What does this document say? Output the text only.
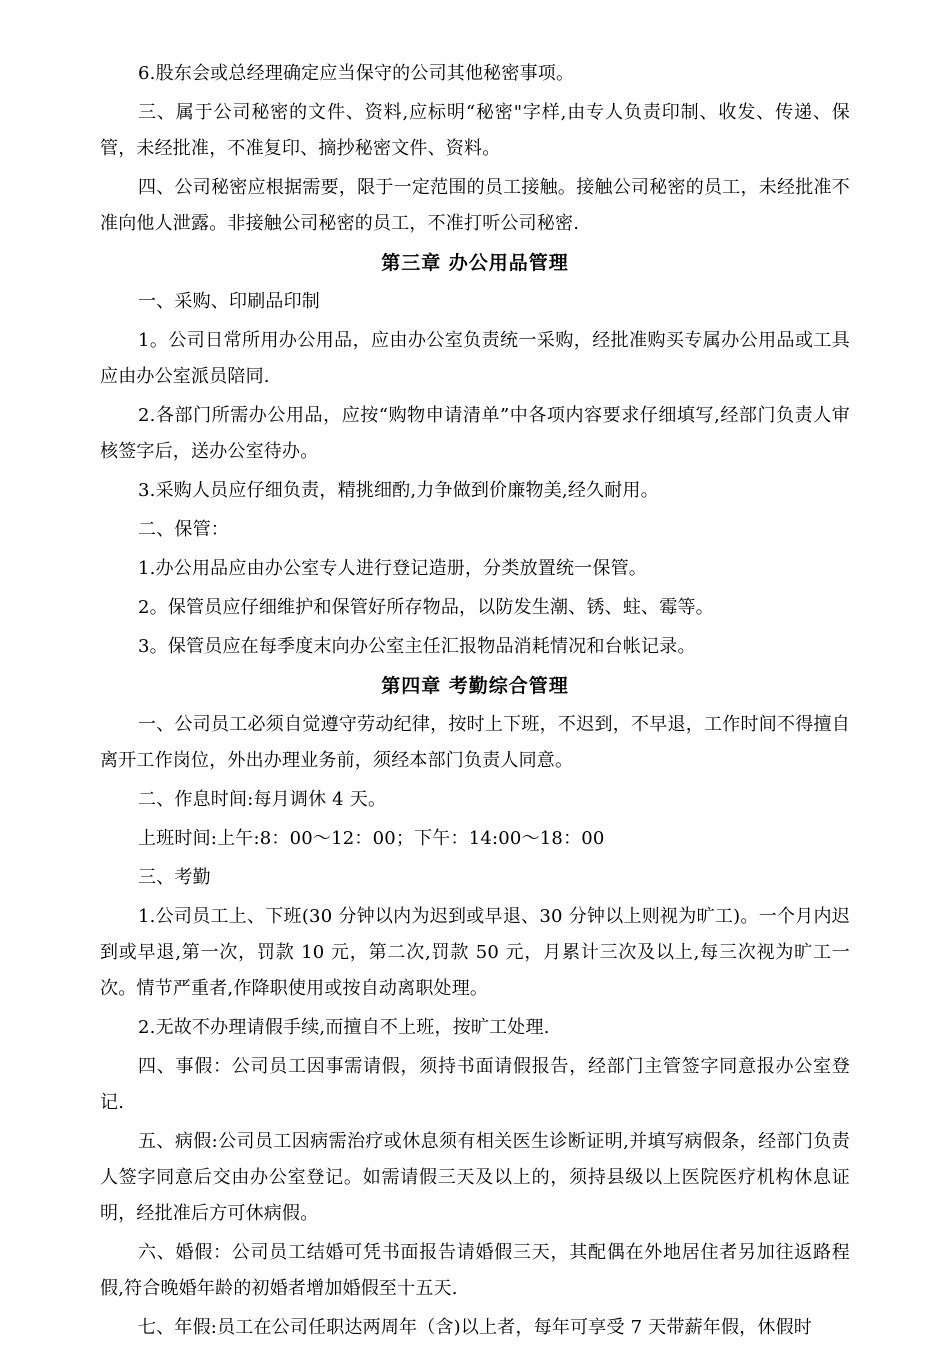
6.股东会或总经理确定应当保守的公司其他秘密事项。

三、属于公司秘密的文件、资料,应标明“秘密"字样,由专人负责印制、收发、传递、保管，未经批准，不准复印、摘抄秘密文件、资料。

四、公司秘密应根据需要，限于一定范围的员工接触。接触公司秘密的员工，未经批准不准向他人泄露。非接触公司秘密的员工，不准打听公司秘密.

第三章 办公用品管理

一、采购、印刷品印制

1。公司日常所用办公用品，应由办公室负责统一采购，经批准购买专属办公用品或工具应由办公室派员陪同.

2.各部门所需办公用品，应按“购物申请清单”中各项内容要求仔细填写,经部门负责人审核签字后，送办公室待办。

3.采购人员应仔细负责，精挑细酌,力争做到价廉物美,经久耐用。

二、保管：

1.办公用品应由办公室专人进行登记造册，分类放置统一保管。

2。保管员应仔细维护和保管好所存物品，以防发生潮、锈、蛀、霉等。

3。保管员应在每季度末向办公室主任汇报物品消耗情况和台帐记录。

第四章 考勤综合管理

一、公司员工必须自觉遵守劳动纪律，按时上下班，不迟到，不早退，工作时间不得擅自离开工作岗位，外出办理业务前，须经本部门负责人同意。

二、作息时间:每月调休 4 天。

上班时间:上午:8：00～12：00；下午：14:00～18：00

三、考勤

1.公司员工上、下班(30 分钟以内为迟到或早退、30 分钟以上则视为旷工)。一个月内迟到或早退,第一次，罚款 10 元，第二次,罚款 50 元，月累计三次及以上,每三次视为旷工一次。情节严重者,作降职使用或按自动离职处理。

2.无故不办理请假手续,而擅自不上班，按旷工处理.

四、事假：公司员工因事需请假，须持书面请假报告，经部门主管签字同意报办公室登记.

五、病假:公司员工因病需治疗或休息须有相关医生诊断证明,并填写病假条，经部门负责人签字同意后交由办公室登记。如需请假三天及以上的，须持县级以上医院医疗机构休息证明，经批准后方可休病假。

六、婚假：公司员工结婚可凭书面报告请婚假三天，其配偶在外地居住者另加往返路程假,符合晚婚年龄的初婚者增加婚假至十五天.

七、年假:员工在公司任职达两周年（含)以上者，每年可享受 7 天带薪年假，休假时
